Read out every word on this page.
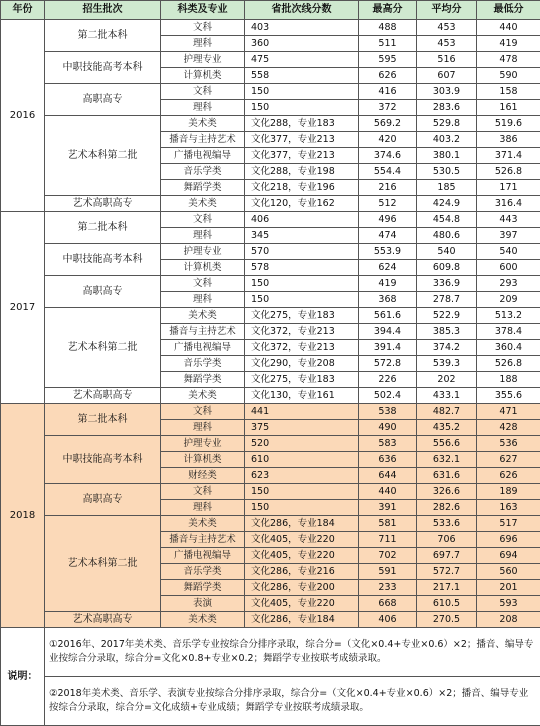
年份	招生批次	科类及专业	省批次线分数	最高分	平均分	最低分
2016	第二批本科	文科	403	488	453	440
		理科	360	511	453	419
	中职技能高考本科	护理专业	475	595	516	478
		计算机类	558	626	607	590
	高职高专	文科	150	416	303.9	158
		理科	150	372	283.6	161
	艺术本科第二批	美术类	文化288，专业183	569.2	529.8	519.6
		播音与主持艺术	文化377，专业213	420	403.2	386
		广播电视编导	文化377，专业213	374.6	380.1	371.4
		音乐学类	文化288，专业198	554.4	530.5	526.8
		舞蹈学类	文化218，专业196	216	185	171
	艺术高职高专	美术类	文化120，专业162	512	424.9	316.4
2017	第二批本科	文科	406	496	454.8	443
		理科	345	474	480.6	397
	中职技能高考本科	护理专业	570	553.9	540	540
		计算机类	578	624	609.8	600
	高职高专	文科	150	419	336.9	293
		理科	150	368	278.7	209
	艺术本科第二批	美术类	文化275，专业183	561.6	522.9	513.2
		播音与主持艺术	文化372，专业213	394.4	385.3	378.4
		广播电视编导	文化372，专业213	391.4	374.2	360.4
		音乐学类	文化290，专业208	572.8	539.3	526.8
		舞蹈学类	文化275，专业183	226	202	188
	艺术高职高专	美术类	文化130，专业161	502.4	433.1	355.6
2018	第二批本科	文科	441	538	482.7	471
		理科	375	490	435.2	428
	中职技能高考本科	护理专业	520	583	556.6	536
		计算机类	610	636	632.1	627
		财经类	623	644	631.6	626
	高职高专	文科	150	440	326.6	189
		理科	150	391	282.6	163
	艺术本科第二批	美术类	文化286，专业184	581	533.6	517
		播音与主持艺术	文化405，专业220	711	706	696
		广播电视编导	文化405，专业220	702	697.7	694
		音乐学类	文化286，专业216	591	572.7	560
		舞蹈学类	文化286，专业200	233	217.1	201
		表演	文化405，专业220	668	610.5	593
	艺术高职高专	美术类	文化286，专业184	406	270.5	208
说明：	①2016年、2017年美术类、音乐学专业按综合分排序录取，综合分=（文化×0.4+专业×0.6）×2；播音、编导专业按综合分录取，综合分=文化×0.8+专业×0.2；舞蹈学专业按联考成绩录取。					
	②2018年美术类、音乐学、表演专业按综合分排序录取，综合分=（文化×0.4+专业×0.6）×2；播音、编导专业按综合分录取，综合分=文化成绩+专业成绩；舞蹈学专业按联考成绩录取。					
